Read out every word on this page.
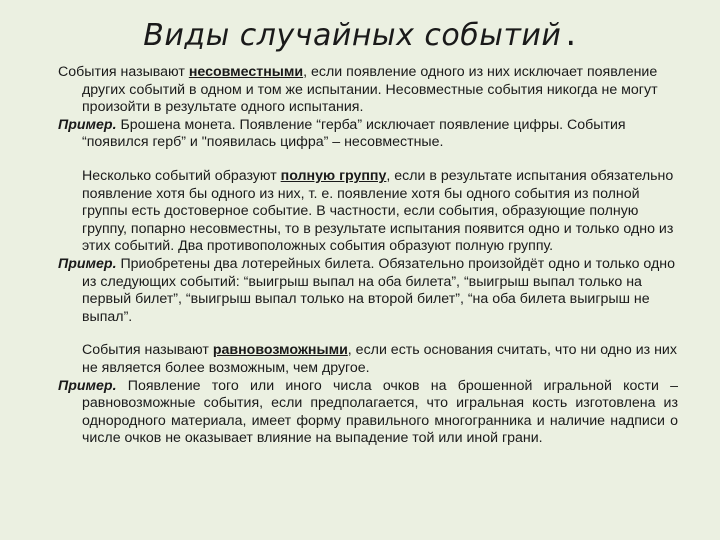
Виды случайных событий .

События называют несовместными, если появление одного из них исключает появление других событий в одном и том же испытании. Несовместные события никогда не могут произойти в результате одного испытания.

Пример. Брошена монета. Появление “герба” исключает появление цифры. События “появился герб” и "появилась цифра” – несовместные.

Несколько событий образуют полную группу, если в результате испытания обязательно появление хотя бы одного из них, т. е. появление хотя бы одного события из полной группы есть достоверное событие. В частности, если события, образующие полную группу, попарно несовместны, то в результате испытания появится одно и только одно из этих событий. Два противоположных события образуют полную группу.

Пример. Приобретены два лотерейных билета. Обязательно произойдёт одно и только одно из следующих событий: “выигрыш выпал на оба билета”, “выигрыш выпал только на первый билет”, “выигрыш выпал только на второй билет”, “на оба билета выигрыш не выпал”.

События называют равновозможными, если есть основания считать, что ни одно из них не является более возможным, чем другое.

Пример. Появление того или иного числа очков на брошенной игральной кости – равновозможные события, если предполагается, что игральная кость изготовлена из однородного материала, имеет форму правильного многогранника и наличие надписи о числе очков не оказывает влияние на выпадение той или иной грани.
